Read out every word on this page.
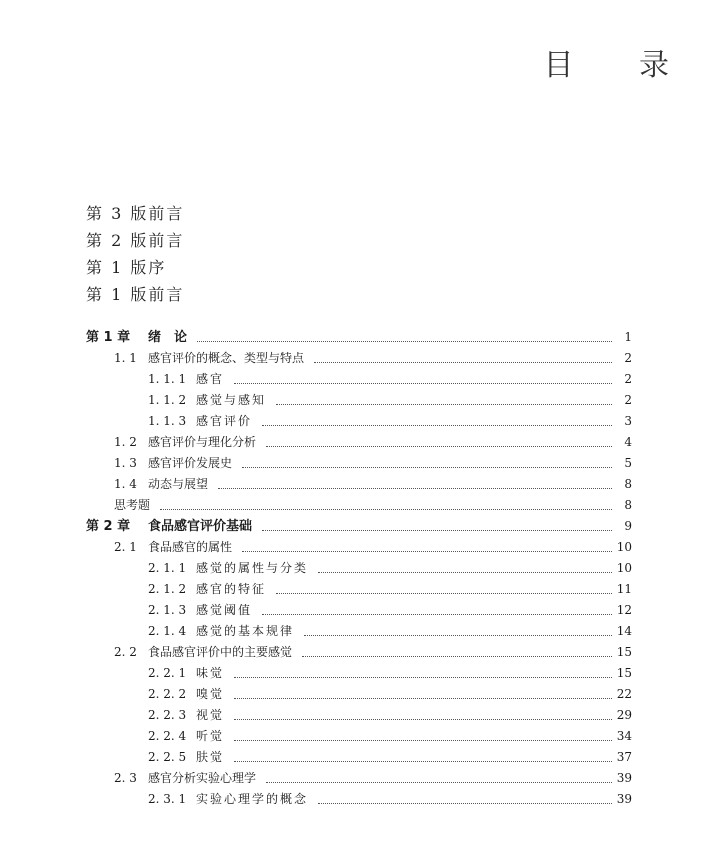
目 录
第 3 版前言
第 2 版前言
第 1 版序
第 1 版前言
第 1 章	绪　论	1
1. 1 感官评价的概念、类型与特点	2
1. 1. 1 感官	2
1. 1. 2 感觉与感知	2
1. 1. 3 感官评价	3
1. 2 感官评价与理化分析	4
1. 3 感官评价发展史	5
1. 4 动态与展望	8
思考题	8
第 2 章	食品感官评价基础	9
2. 1 食品感官的属性	10
2. 1. 1 感觉的属性与分类	10
2. 1. 2 感官的特征	11
2. 1. 3 感觉阈值	12
2. 1. 4 感觉的基本规律	14
2. 2 食品感官评价中的主要感觉	15
2. 2. 1 味觉	15
2. 2. 2 嗅觉	22
2. 2. 3 视觉	29
2. 2. 4 听觉	34
2. 2. 5 肤觉	37
2. 3 感官分析实验心理学	39
2. 3. 1 实验心理学的概念	39
